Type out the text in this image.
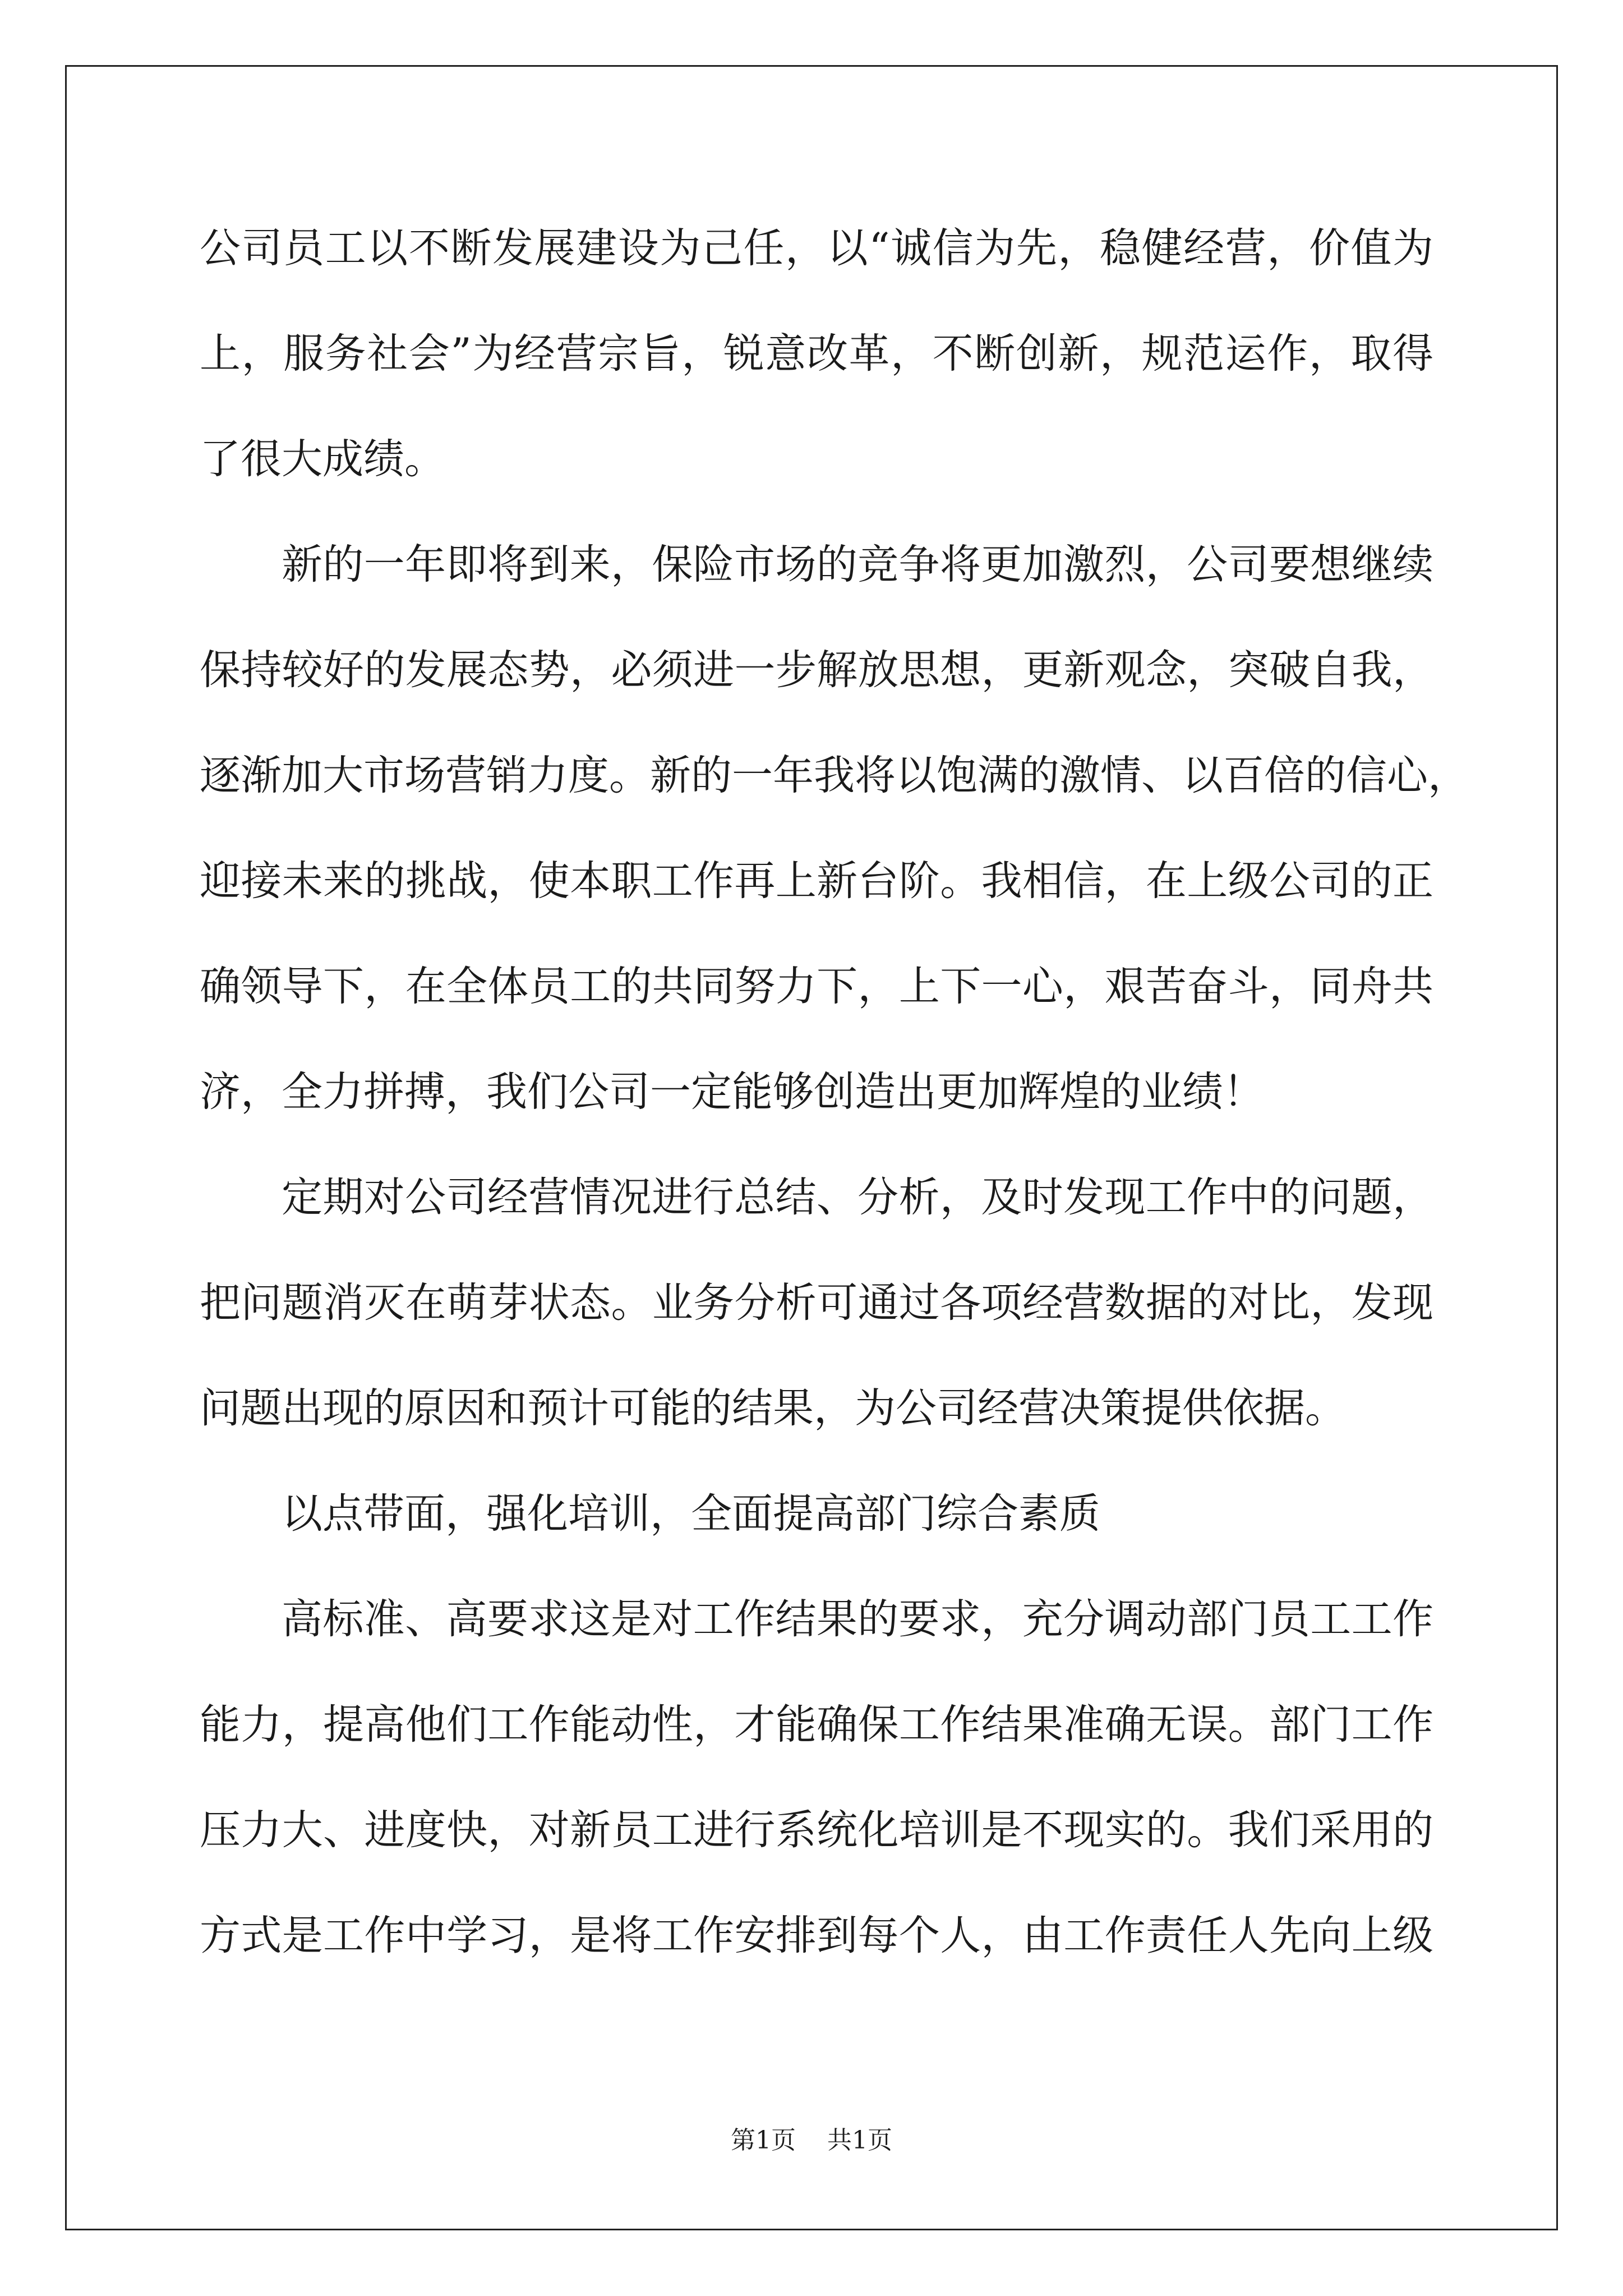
公司员工以不断发展建设为己任，以“诚信为先，稳健经营，价值为
上，服务社会”为经营宗旨，锐意改革，不断创新，规范运作，取得
了很大成绩。
新的一年即将到来，保险市场的竞争将更加激烈，公司要想继续
保持较好的发展态势，必须进一步解放思想，更新观念，突破自我，
逐渐加大市场营销力度。新的一年我将以饱满的激情、以百倍的信心，
迎接未来的挑战，使本职工作再上新台阶。我相信，在上级公司的正
确领导下，在全体员工的共同努力下，上下一心，艰苦奋斗，同舟共
济，全力拼搏，我们公司一定能够创造出更加辉煌的业绩！
定期对公司经营情况进行总结、分析，及时发现工作中的问题，
把问题消灭在萌芽状态。业务分析可通过各项经营数据的对比，发现
问题出现的原因和预计可能的结果，为公司经营决策提供依据。
以点带面，强化培训，全面提高部门综合素质
高标准、高要求这是对工作结果的要求，充分调动部门员工工作
能力，提高他们工作能动性，才能确保工作结果准确无误。部门工作
压力大、进度快，对新员工进行系统化培训是不现实的。我们采用的
方式是工作中学习，是将工作安排到每个人，由工作责任人先向上级
第1页 共1页
